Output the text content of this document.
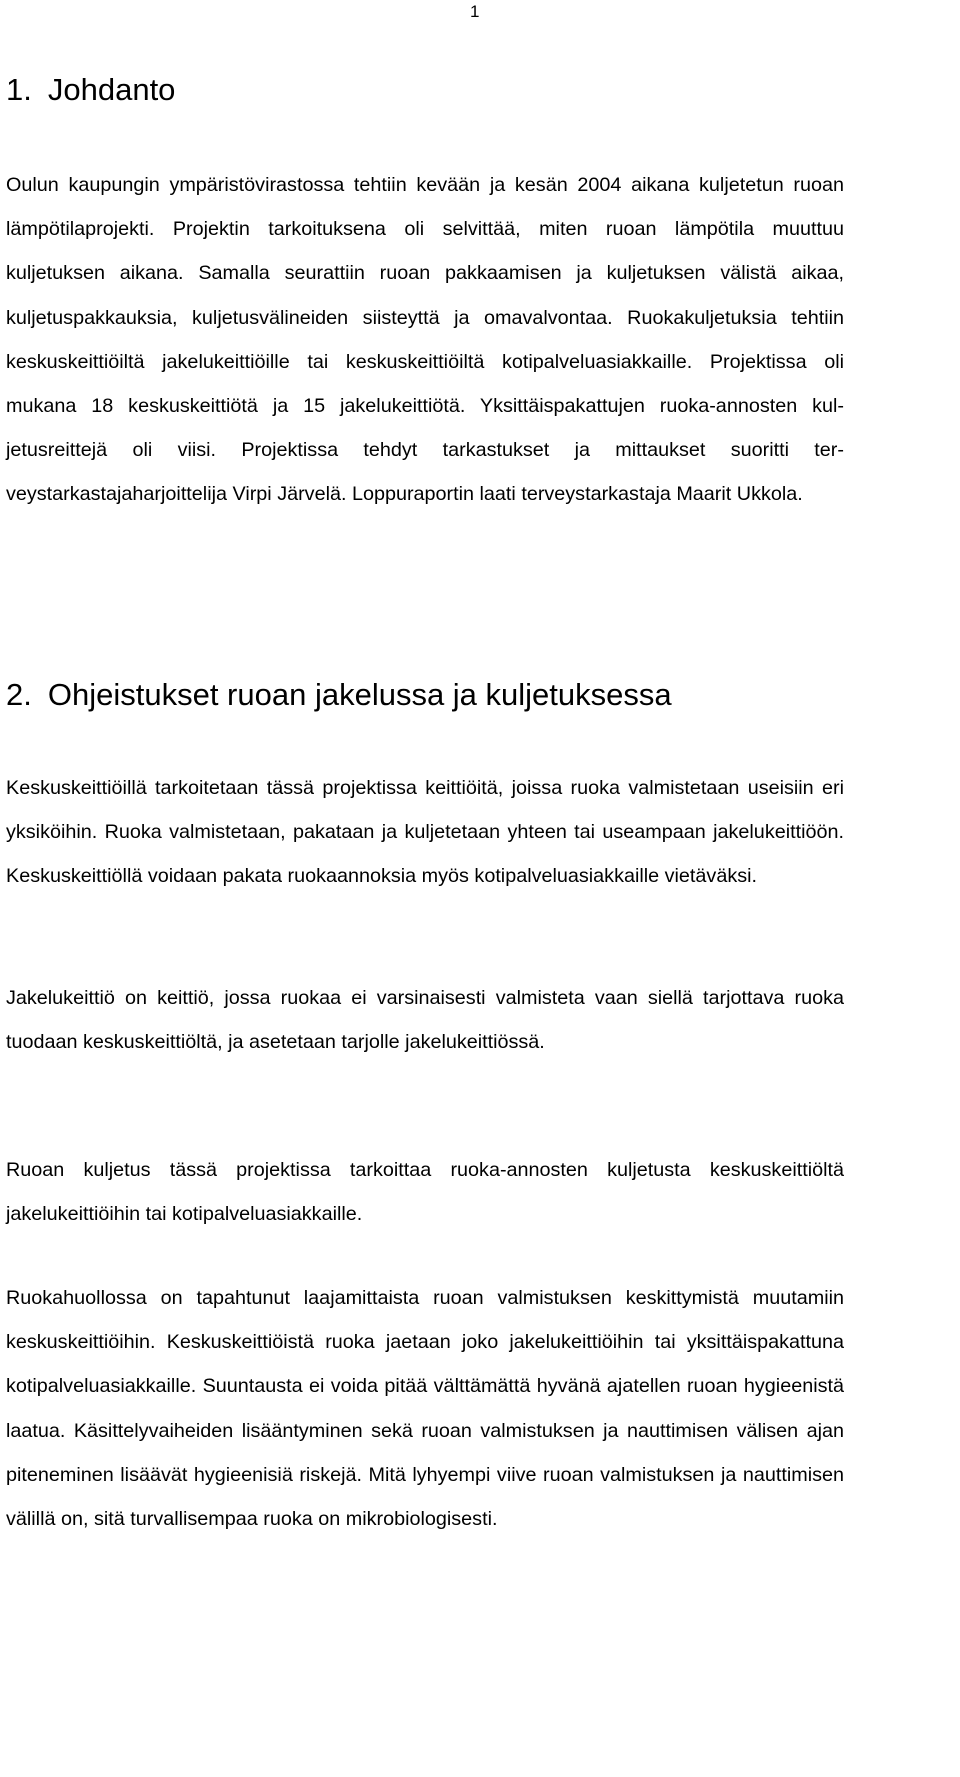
1
1. Johdanto

Oulun kaupungin ympäristövirastossa tehtiin kevään ja kesän 2004 aikana kuljetetun ruoan lämpötilaprojekti. Projektin tarkoituksena oli selvittää, miten ruoan lämpötila muuttuu kuljetuksen aikana. Samalla seurattiin ruoan pakkaamisen ja kuljetuksen välistä aikaa, kuljetuspakkauksia, kuljetusvälineiden siisteyttä ja omavalvontaa. Ruokakuljetuksia tehtiin keskuskeittiöiltä jakelukeittiöille tai keskuskeittiöiltä kotipalveluasiakkaille. Projektissa oli mukana 18 keskuskeittiötä ja 15 jakelukeittiötä. Yksittäispakattujen ruoka-annosten kuljetusreittejä oli viisi. Projektissa tehdyt tarkastukset ja mittaukset suoritti terveystarkastajaharjoittelija Virpi Järvelä. Loppuraportin laati terveystarkastaja Maarit Ukkola.

2. Ohjeistukset ruoan jakelussa ja kuljetuksessa

Keskuskeittiöillä tarkoitetaan tässä projektissa keittiöitä, joissa ruoka valmistetaan useisiin eri yksiköihin. Ruoka valmistetaan, pakataan ja kuljetetaan yhteen tai useampaan jakelukeittiöön. Keskuskeittiöllä voidaan pakata ruokaannoksia myös kotipalveluasiakkaille vietäväksi.

Jakelukeittiö on keittiö, jossa ruokaa ei varsinaisesti valmisteta vaan siellä tarjottava ruoka tuodaan keskuskeittiöltä, ja asetetaan tarjolle jakelukeittiössä.

Ruoan kuljetus tässä projektissa tarkoittaa ruoka-annosten kuljetusta keskuskeittiöltä jakelukeittiöihin tai kotipalveluasiakkaille.

Ruokahuollossa on tapahtunut laajamittaista ruoan valmistuksen keskittymistä muutamiin keskuskeittiöihin. Keskuskeittiöistä ruoka jaetaan joko jakelukeittiöihin tai yksittäispakattuna kotipalveluasiakkaille. Suuntausta ei voida pitää välttämättä hyvänä ajatellen ruoan hygieenistä laatua. Käsittelyvaiheiden lisääntyminen sekä ruoan valmistuksen ja nauttimisen välisen ajan piteneminen lisäävät hygieenisiä riskejä. Mitä lyhyempi viive ruoan valmistuksen ja nauttimisen välillä on, sitä turvallisempaa ruoka on mikrobiologisesti.
